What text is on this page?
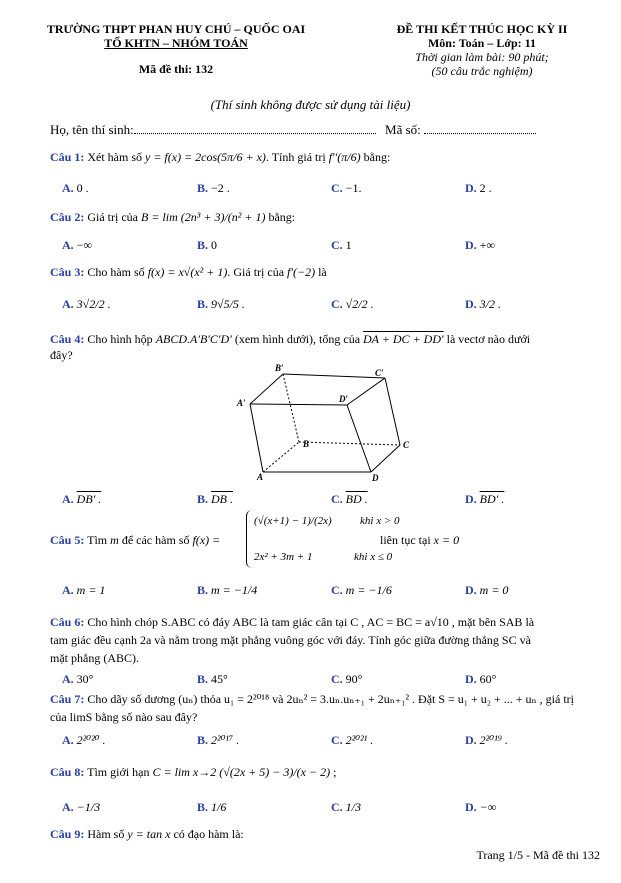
TRƯỜNG THPT PHAN HUY CHÚ – QUỐC OAI
TỔ KHTN – NHÓM TOÁN
Mã đề thi: 132
ĐỀ THI KẾT THÚC HỌC KỲ II
Môn: Toán – Lớp: 11
Thời gian làm bài: 90 phút;
(50 câu trắc nghiệm)
(Thí sinh không được sử dụng tài liệu)
Họ, tên thí sinh:	Mã số:
Câu 1: Xét hàm số y = f(x) = 2cos(5π/6 + x). Tính giá trị f′′(π/6) bằng:
A. 0 .	B. −2 .	C. −1.	D. 2 .
Câu 2: Giá trị của B = lim (2n³ + 3)/(n² + 1) bằng:
A. −∞	B. 0	C. 1	D. +∞
Câu 3: Cho hàm số f(x) = x√(x² + 1). Giá trị của f′(−2) là
A. 3√2/2 .	B. 9√5/5 .	C. √2/2 .	D. 3/2 .
Câu 4: Cho hình hộp ABCD.A′B′C′D′ (xem hình dưới), tổng của DA + DC + DD′ là vectơ nào dưới
đây?
B′	C′
A′	D′
B	C
A	D
A. DB′ .	B. DB .	C. BD .	D. BD′ .
Câu 5: Tìm m để các hàm số f(x) =
(√(x+1) − 1)/(2x)	khi x > 0
2x² + 3m + 1	khi x ≤ 0
liên tục tại x = 0
A. m = 1	B. m = −1/4	C. m = −1/6	D. m = 0
Câu 6: Cho hình chóp S.ABC có đáy ABC là tam giác cân tại C , AC = BC = a√10 , mặt bên SAB là
tam giác đều cạnh 2a và nằm trong mặt phẳng vuông góc với đáy. Tính góc giữa đường thẳng SC và
mặt phẳng (ABC).
A. 30°	B. 45°	C. 90°	D. 60°
Câu 7: Cho dãy số dương (uₙ) thỏa u₁ = 2²⁰¹⁸ và 2uₙ² = 3.uₙ.uₙ₊₁ + 2uₙ₊₁² . Đặt S = u₁ + u₂ + ... + uₙ , giá trị
của limS bằng số nào sau đây?
A. 2²⁰²⁰ .	B. 2²⁰¹⁷ .	C. 2²⁰²¹ .	D. 2²⁰¹⁹ .
Câu 8: Tìm giới hạn C = lim x→2 (√(2x + 5) − 3)/(x − 2) ;
A. −1/3	B. 1/6	C. 1/3	D. −∞
Câu 9: Hàm số y = tan x có đạo hàm là:
Trang 1/5 - Mã đề thi 132
